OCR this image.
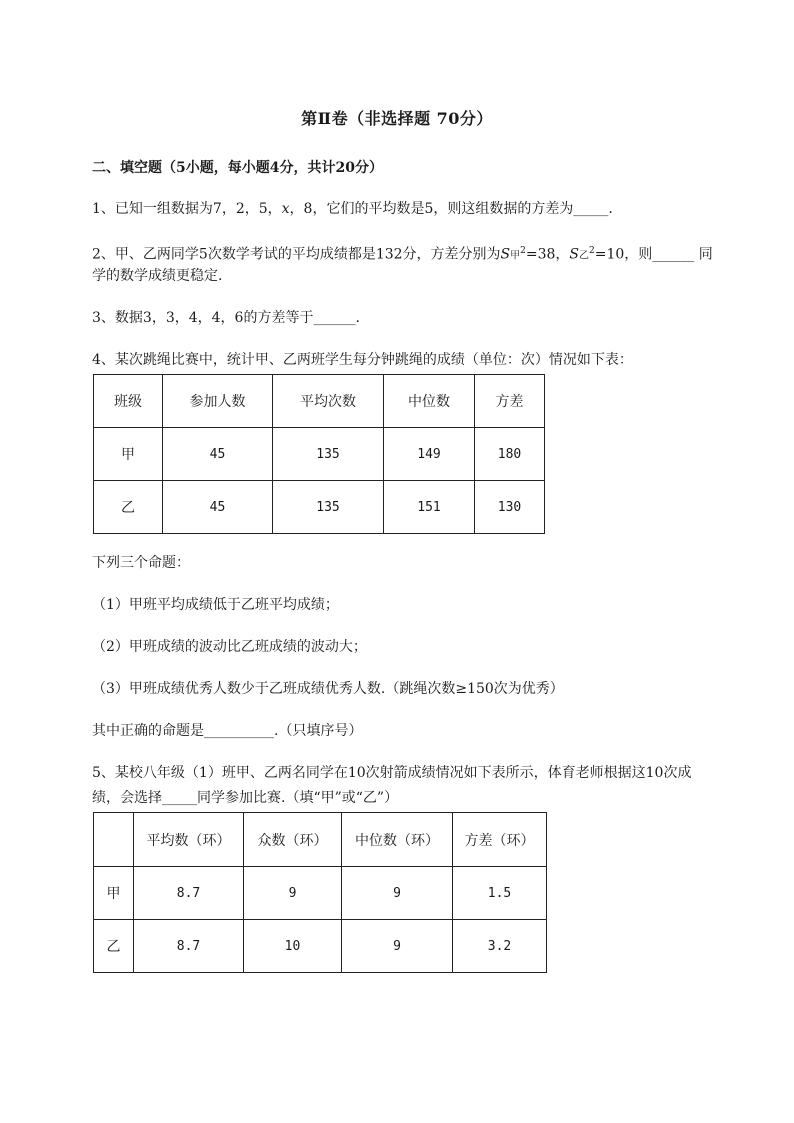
第Ⅱ卷（非选择题 70分）
二、填空题（5小题，每小题4分，共计20分）
1、已知一组数据为7，2，5，x，8，它们的平均数是5，则这组数据的方差为_____.
2、甲、乙两同学5次数学考试的平均成绩都是132分，方差分别为S甲$^2$=38，S乙$^2$=10，则______ 同
学的数学成绩更稳定.
3、数据3，3，4，4，6的方差等于______.
4、某次跳绳比赛中，统计甲、乙两班学生每分钟跳绳的成绩（单位：次）情况如下表：
班级	参加人数	平均次数	中位数	方差
甲	45	135	149	180
乙	45	135	151	130
下列三个命题：
（1）甲班平均成绩低于乙班平均成绩；
（2）甲班成绩的波动比乙班成绩的波动大；
（3）甲班成绩优秀人数少于乙班成绩优秀人数.（跳绳次数≥150次为优秀）
其中正确的命题是__________.（只填序号）
5、某校八年级（1）班甲、乙两名同学在10次射箭成绩情况如下表所示，体育老师根据这10次成
绩，会选择_____同学参加比赛.（填“甲”或“乙”）
	平均数（环）	众数（环）	中位数（环）	方差（环）
甲	8.7	9	9	1.5
乙	8.7	10	9	3.2
